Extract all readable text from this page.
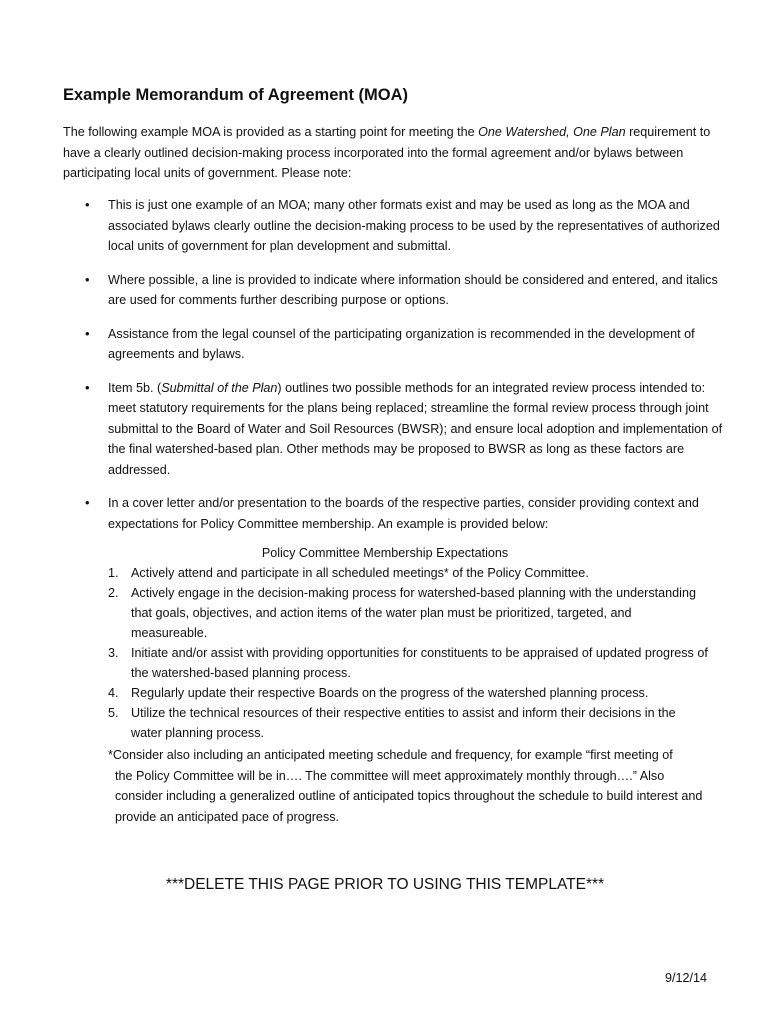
Example Memorandum of Agreement (MOA)

The following example MOA is provided as a starting point for meeting the One Watershed, One Plan requirement to have a clearly outlined decision-making process incorporated into the formal agreement and/or bylaws between participating local units of government. Please note:

• This is just one example of an MOA; many other formats exist and may be used as long as the MOA and associated bylaws clearly outline the decision-making process to be used by the representatives of authorized local units of government for plan development and submittal.
• Where possible, a line is provided to indicate where information should be considered and entered, and italics are used for comments further describing purpose or options.
• Assistance from the legal counsel of the participating organization is recommended in the development of agreements and bylaws.
• Item 5b. (Submittal of the Plan) outlines two possible methods for an integrated review process intended to: meet statutory requirements for the plans being replaced; streamline the formal review process through joint submittal to the Board of Water and Soil Resources (BWSR); and ensure local adoption and implementation of the final watershed-based plan. Other methods may be proposed to BWSR as long as these factors are addressed.
• In a cover letter and/or presentation to the boards of the respective parties, consider providing context and expectations for Policy Committee membership. An example is provided below:

Policy Committee Membership Expectations

1. Actively attend and participate in all scheduled meetings* of the Policy Committee.
2. Actively engage in the decision-making process for watershed-based planning with the understanding that goals, objectives, and action items of the water plan must be prioritized, targeted, and measureable.
3. Initiate and/or assist with providing opportunities for constituents to be appraised of updated progress of the watershed-based planning process.
4. Regularly update their respective Boards on the progress of the watershed planning process.
5. Utilize the technical resources of their respective entities to assist and inform their decisions in the water planning process.
*Consider also including an anticipated meeting schedule and frequency, for example “first meeting of
the Policy Committee will be in…. The committee will meet approximately monthly through….” Also consider including a generalized outline of anticipated topics throughout the schedule to build interest and provide an anticipated pace of progress.

***DELETE THIS PAGE PRIOR TO USING THIS TEMPLATE***

9/12/14
